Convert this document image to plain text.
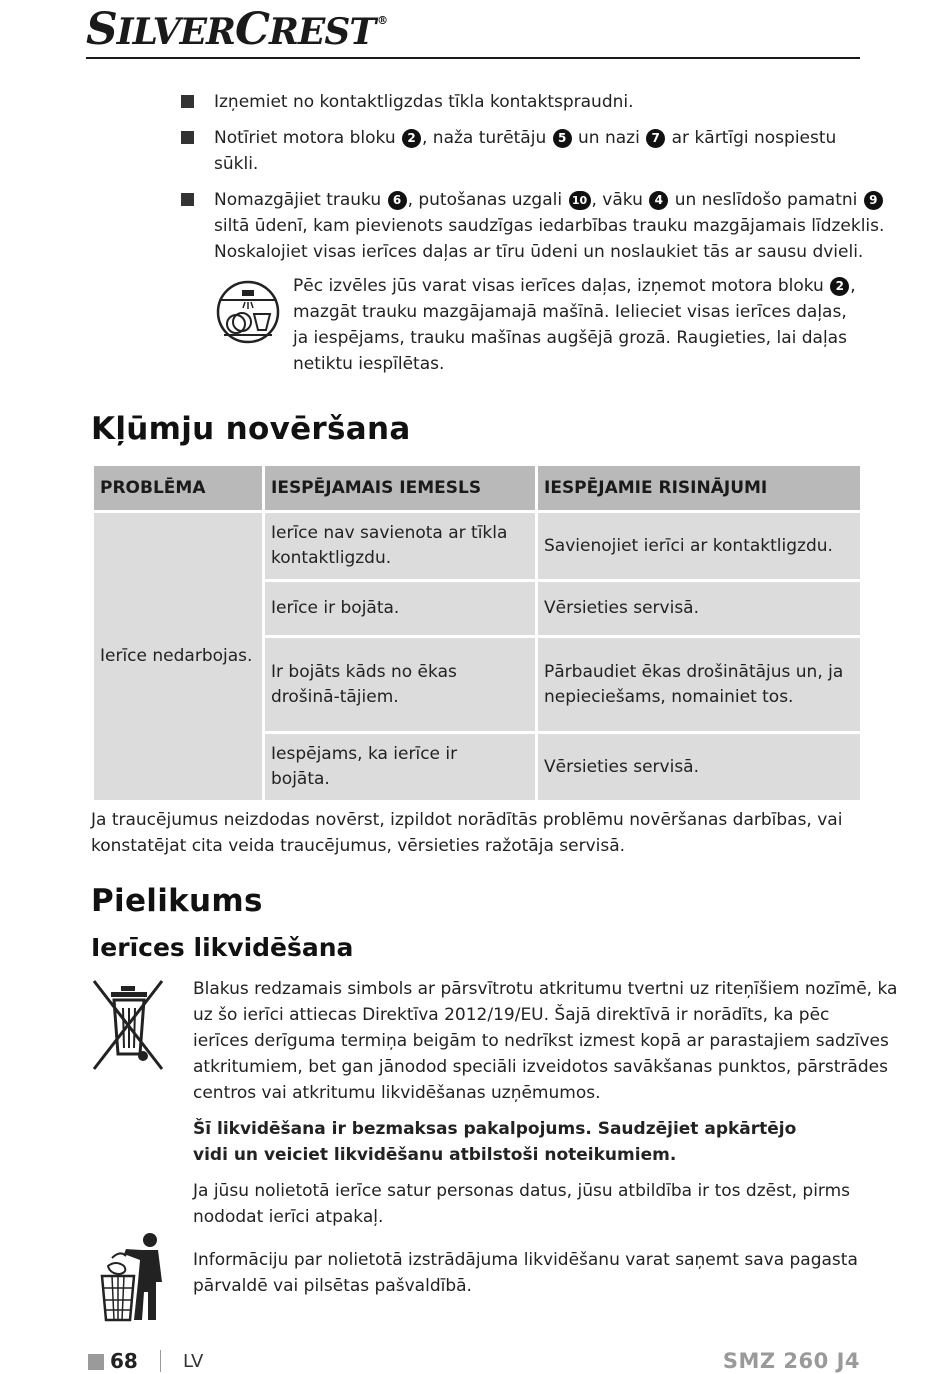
SILVERCREST ®
Izņemiet no kontaktligzdas tīkla kontaktspraudni.
Notīriet motora bloku 2 , naža turētāju 5 un nazi 7 ar kārtīgi nospiestu
sūkli.
Nomazgājiet trauku 6 , putošanas uzgali 10 , vāku 4 un neslīdošo pamatni 9
siltā ūdenī, kam pievienots saudzīgas iedarbības trauku mazgājamais līdzeklis.
Noskalojiet visas ierīces daļas ar tīru ūdeni un noslaukiet tās ar sausu dvieli.
Pēc izvēles jūs varat visas ierīces daļas, izņemot motora bloku 2 ,
mazgāt trauku mazgājamajā mašīnā. Ielieciet visas ierīces daļas,
ja iespējams, trauku mašīnas augšējā grozā. Raugieties, lai daļas
netiktu iespīlētas.
Kļūmju novēršana
PROBLĒMA	IESPĒJAMAIS IEMESLS	IESPĒJAMIE RISINĀJUMI
Ierīce nedarbojas.	Ierīce nav savienota ar tīkla kontaktligzdu.	Savienojiet ierīci ar kontaktligzdu.
	Ierīce ir bojāta.	Vērsieties servisā.
	Ir bojāts kāds no ēkas drošinā-tājiem.	Pārbaudiet ēkas drošinātājus un, ja nepieciešams, nomainiet tos.
	Iespējams, ka ierīce ir bojāta.	Vērsieties servisā.
Ja traucējumus neizdodas novērst, izpildot norādītās problēmu novēršanas darbības, vai
konstatējat cita veida traucējumus, vērsieties ražotāja servisā.
Pielikums
Ierīces likvidēšana
Blakus redzamais simbols ar pārsvītrotu atkritumu tvertni uz riteņīšiem nozīmē, ka
uz šo ierīci attiecas Direktīva 2012/19/EU. Šajā direktīvā ir norādīts, ka pēc
ierīces derīguma termiņa beigām to nedrīkst izmest kopā ar parastajiem sadzīves
atkritumiem, bet gan jānodod speciāli izveidotos savākšanas punktos, pārstrādes
centros vai atkritumu likvidēšanas uzņēmumos.
Šī likvidēšana ir bezmaksas pakalpojums. Saudzējiet apkārtējo
vidi un veiciet likvidēšanu atbilstoši noteikumiem.
Ja jūsu nolietotā ierīce satur personas datus, jūsu atbildība ir tos dzēst, pirms
nododat ierīci atpakaļ.
Informāciju par nolietotā izstrādājuma likvidēšanu varat saņemt sava pagasta
pārvaldē vai pilsētas pašvaldībā.
68	LV	SMZ 260 J4
